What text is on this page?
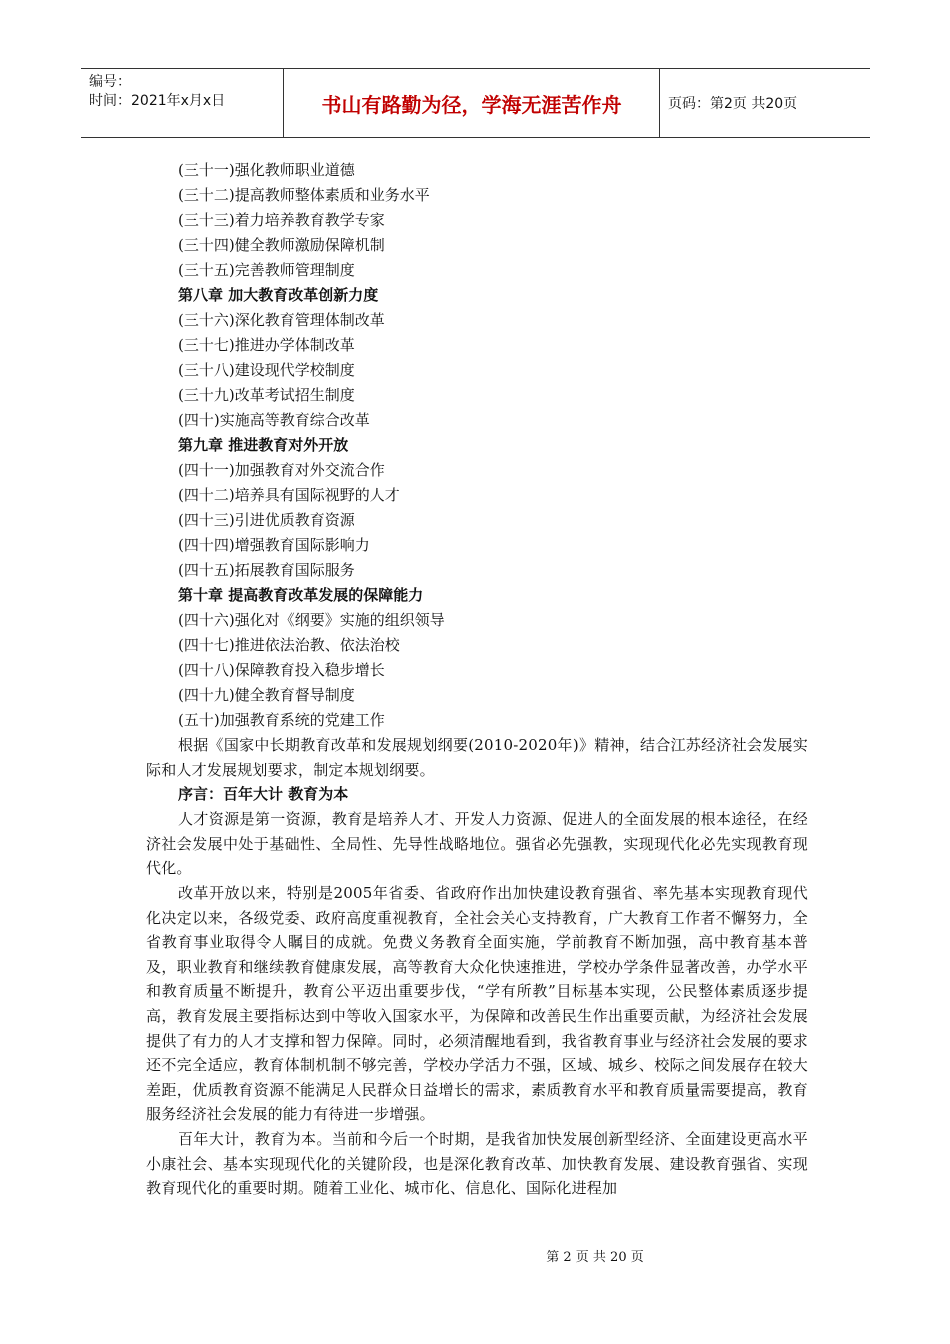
编号：
时间：2021年x月x日	书山有路勤为径，学海无涯苦作舟	页码：第2页 共20页
(三十一)强化教师职业道德
(三十二)提高教师整体素质和业务水平
(三十三)着力培养教育教学专家
(三十四)健全教师激励保障机制
(三十五)完善教师管理制度
第八章 加大教育改革创新力度
(三十六)深化教育管理体制改革
(三十七)推进办学体制改革
(三十八)建设现代学校制度
(三十九)改革考试招生制度
(四十)实施高等教育综合改革
第九章 推进教育对外开放
(四十一)加强教育对外交流合作
(四十二)培养具有国际视野的人才
(四十三)引进优质教育资源
(四十四)增强教育国际影响力
(四十五)拓展教育国际服务
第十章 提高教育改革发展的保障能力
(四十六)强化对《纲要》实施的组织领导
(四十七)推进依法治教、依法治校
(四十八)保障教育投入稳步增长
(四十九)健全教育督导制度
(五十)加强教育系统的党建工作
根据《国家中长期教育改革和发展规划纲要(2010-2020年)》精神，结合江苏经济社会发展实际和人才发展规划要求，制定本规划纲要。
序言：百年大计 教育为本
人才资源是第一资源，教育是培养人才、开发人力资源、促进人的全面发展的根本途径，在经济社会发展中处于基础性、全局性、先导性战略地位。强省必先强教，实现现代化必先实现教育现代化。
改革开放以来，特别是2005年省委、省政府作出加快建设教育强省、率先基本实现教育现代化决定以来，各级党委、政府高度重视教育，全社会关心支持教育，广大教育工作者不懈努力，全省教育事业取得令人瞩目的成就。免费义务教育全面实施，学前教育不断加强，高中教育基本普及，职业教育和继续教育健康发展，高等教育大众化快速推进，学校办学条件显著改善，办学水平和教育质量不断提升，教育公平迈出重要步伐，“学有所教”目标基本实现，公民整体素质逐步提高，教育发展主要指标达到中等收入国家水平，为保障和改善民生作出重要贡献，为经济社会发展提供了有力的人才支撑和智力保障。同时，必须清醒地看到，我省教育事业与经济社会发展的要求还不完全适应，教育体制机制不够完善，学校办学活力不强，区域、城乡、校际之间发展存在较大差距，优质教育资源不能满足人民群众日益增长的需求，素质教育水平和教育质量需要提高，教育服务经济社会发展的能力有待进一步增强。
百年大计，教育为本。当前和今后一个时期，是我省加快发展创新型经济、全面建设更高水平小康社会、基本实现现代化的关键阶段，也是深化教育改革、加快教育发展、建设教育强省、实现教育现代化的重要时期。随着工业化、城市化、信息化、国际化进程加
第 2 页 共 20 页
